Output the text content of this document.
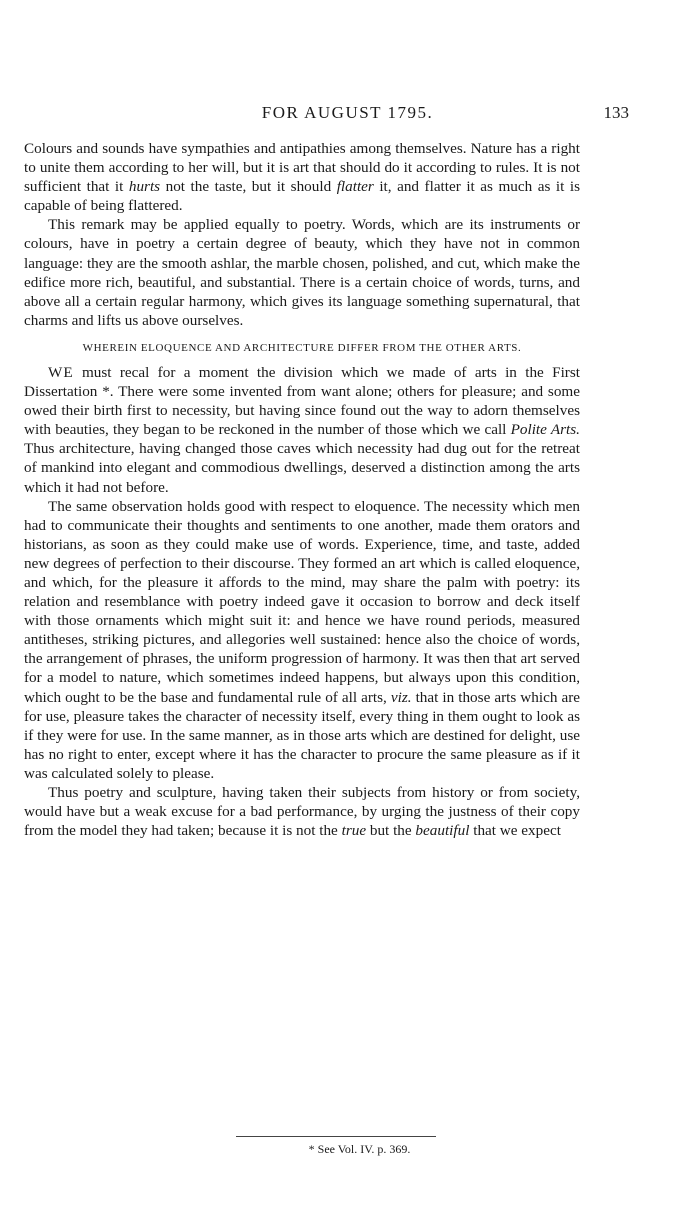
FOR AUGUST 1795.	133

Colours and sounds have sympathies and antipathies among themselves. Nature has a right to unite them according to her will, but it is art that should do it according to rules. It is not sufficient that it hurts not the taste, but it should flatter it, and flatter it as much as it is capable of being flattered.

This remark may be applied equally to poetry. Words, which are its instruments or colours, have in poetry a certain degree of beauty, which they have not in common language: they are the smooth ashlar, the marble chosen, polished, and cut, which make the edifice more rich, beautiful, and substantial. There is a certain choice of words, turns, and above all a certain regular harmony, which gives its language something supernatural, that charms and lifts us above ourselves.

WHEREIN ELOQUENCE AND ARCHITECTURE DIFFER FROM THE OTHER ARTS.

WE must recal for a moment the division which we made of arts in the First Dissertation *. There were some invented from want alone; others for pleasure; and some owed their birth first to necessity, but having since found out the way to adorn themselves with beauties, they began to be reckoned in the number of those which we call Polite Arts. Thus architecture, having changed those caves which necessity had dug out for the retreat of mankind into elegant and commodious dwellings, deserved a distinction among the arts which it had not before.

The same observation holds good with respect to eloquence. The necessity which men had to communicate their thoughts and sentiments to one another, made them orators and historians, as soon as they could make use of words. Experience, time, and taste, added new degrees of perfection to their discourse. They formed an art which is called eloquence, and which, for the pleasure it affords to the mind, may share the palm with poetry: its relation and resemblance with poetry indeed gave it occasion to borrow and deck itself with those ornaments which might suit it: and hence we have round periods, measured antitheses, striking pictures, and allegories well sustained: hence also the choice of words, the arrangement of phrases, the uniform progression of harmony. It was then that art served for a model to nature, which sometimes indeed happens, but always upon this condition, which ought to be the base and fundamental rule of all arts, viz. that in those arts which are for use, pleasure takes the character of necessity itself, every thing in them ought to look as if they were for use. In the same manner, as in those arts which are destined for delight, use has no right to enter, except where it has the character to procure the same pleasure as if it was calculated solely to please.

Thus poetry and sculpture, having taken their subjects from history or from society, would have but a weak excuse for a bad performance, by urging the justness of their copy from the model they had taken; because it is not the true but the beautiful that we expect

* See Vol. IV. p. 369.
